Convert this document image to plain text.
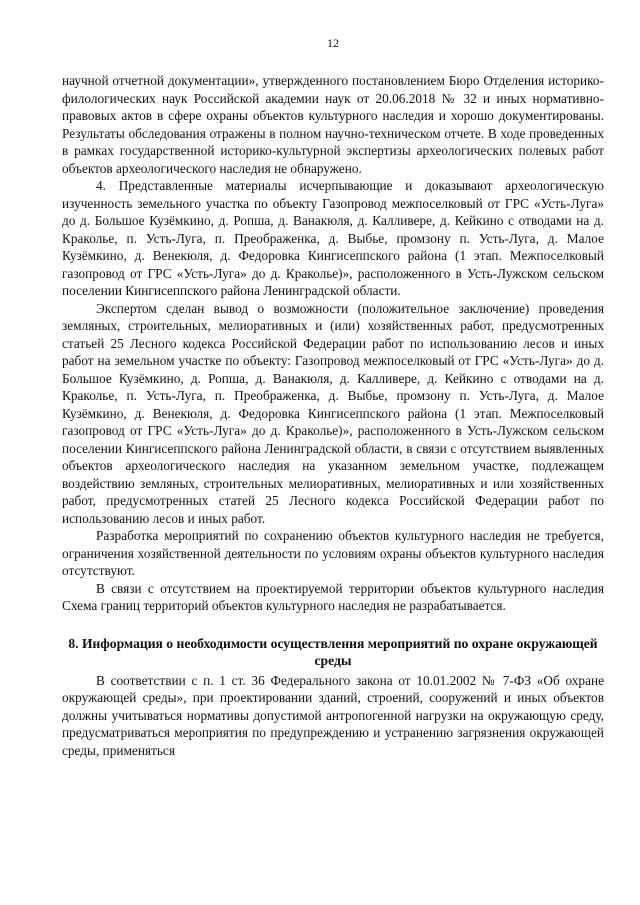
12

научной отчетной документации», утвержденного постановлением Бюро Отделения историко-филологических наук Российской академии наук от 20.06.2018 № 32 и иных нормативно-правовых актов в сфере охраны объектов культурного наследия и хорошо документированы. Результаты обследования отражены в полном научно-техническом отчете. В ходе проведенных в рамках государственной историко-культурной экспертизы археологических полевых работ объектов археологического наследия не обнаружено.

4. Представленные материалы исчерпывающие и доказывают археологическую изученность земельного участка по объекту Газопровод межпоселковый от ГРС «Усть-Луга» до д. Большое Кузёмкино, д. Ропша, д. Ванакюля, д. Калливере, д. Кейкино с отводами на д. Краколье, п. Усть-Луга, п. Преображенка, д. Выбье, промзону п. Усть-Луга, д. Малое Кузёмкино, д. Венекюля, д. Федоровка Кингисеппского района (1 этап. Межпоселковый газопровод от ГРС «Усть-Луга» до д. Краколье)», расположенного в Усть-Лужском сельском поселении Кингисеппского района Ленинградской области.

Экспертом сделан вывод о возможности (положительное заключение) проведения земляных, строительных, мелиоративных и (или) хозяйственных работ, предусмотренных статьей 25 Лесного кодекса Российской Федерации работ по использованию лесов и иных работ на земельном участке по объекту: Газопровод межпоселковый от ГРС «Усть-Луга» до д. Большое Кузёмкино, д. Ропша, д. Ванакюля, д. Калливере, д. Кейкино с отводами на д. Краколье, п. Усть-Луга, п. Преображенка, д. Выбье, промзону п. Усть-Луга, д. Малое Кузёмкино, д. Венекюля, д. Федоровка Кингисеппского района (1 этап. Межпоселковый газопровод от ГРС «Усть-Луга» до д. Краколье)», расположенного в Усть-Лужском сельском поселении Кингисеппского района Ленинградской области, в связи с отсутствием выявленных объектов археологического наследия на указанном земельном участке, подлежащем воздействию земляных, строительных мелиоративных, мелиоративных и или хозяйственных работ, предусмотренных статей 25 Лесного кодекса Российской Федерации работ по использованию лесов и иных работ.

Разработка мероприятий по сохранению объектов культурного наследия не требуется, ограничения хозяйственной деятельности по условиям охраны объектов культурного наследия отсутствуют.

В связи с отсутствием на проектируемой территории объектов культурного наследия Схема границ территорий объектов культурного наследия не разрабатывается.

8. Информация о необходимости осуществления мероприятий по охране окружающей среды

В соответствии с п. 1 ст. 36 Федерального закона от 10.01.2002 № 7-ФЗ «Об охране окружающей среды», при проектировании зданий, строений, сооружений и иных объектов должны учитываться нормативы допустимой антропогенной нагрузки на окружающую среду, предусматриваться мероприятия по предупреждению и устранению загрязнения окружающей среды, применяться
